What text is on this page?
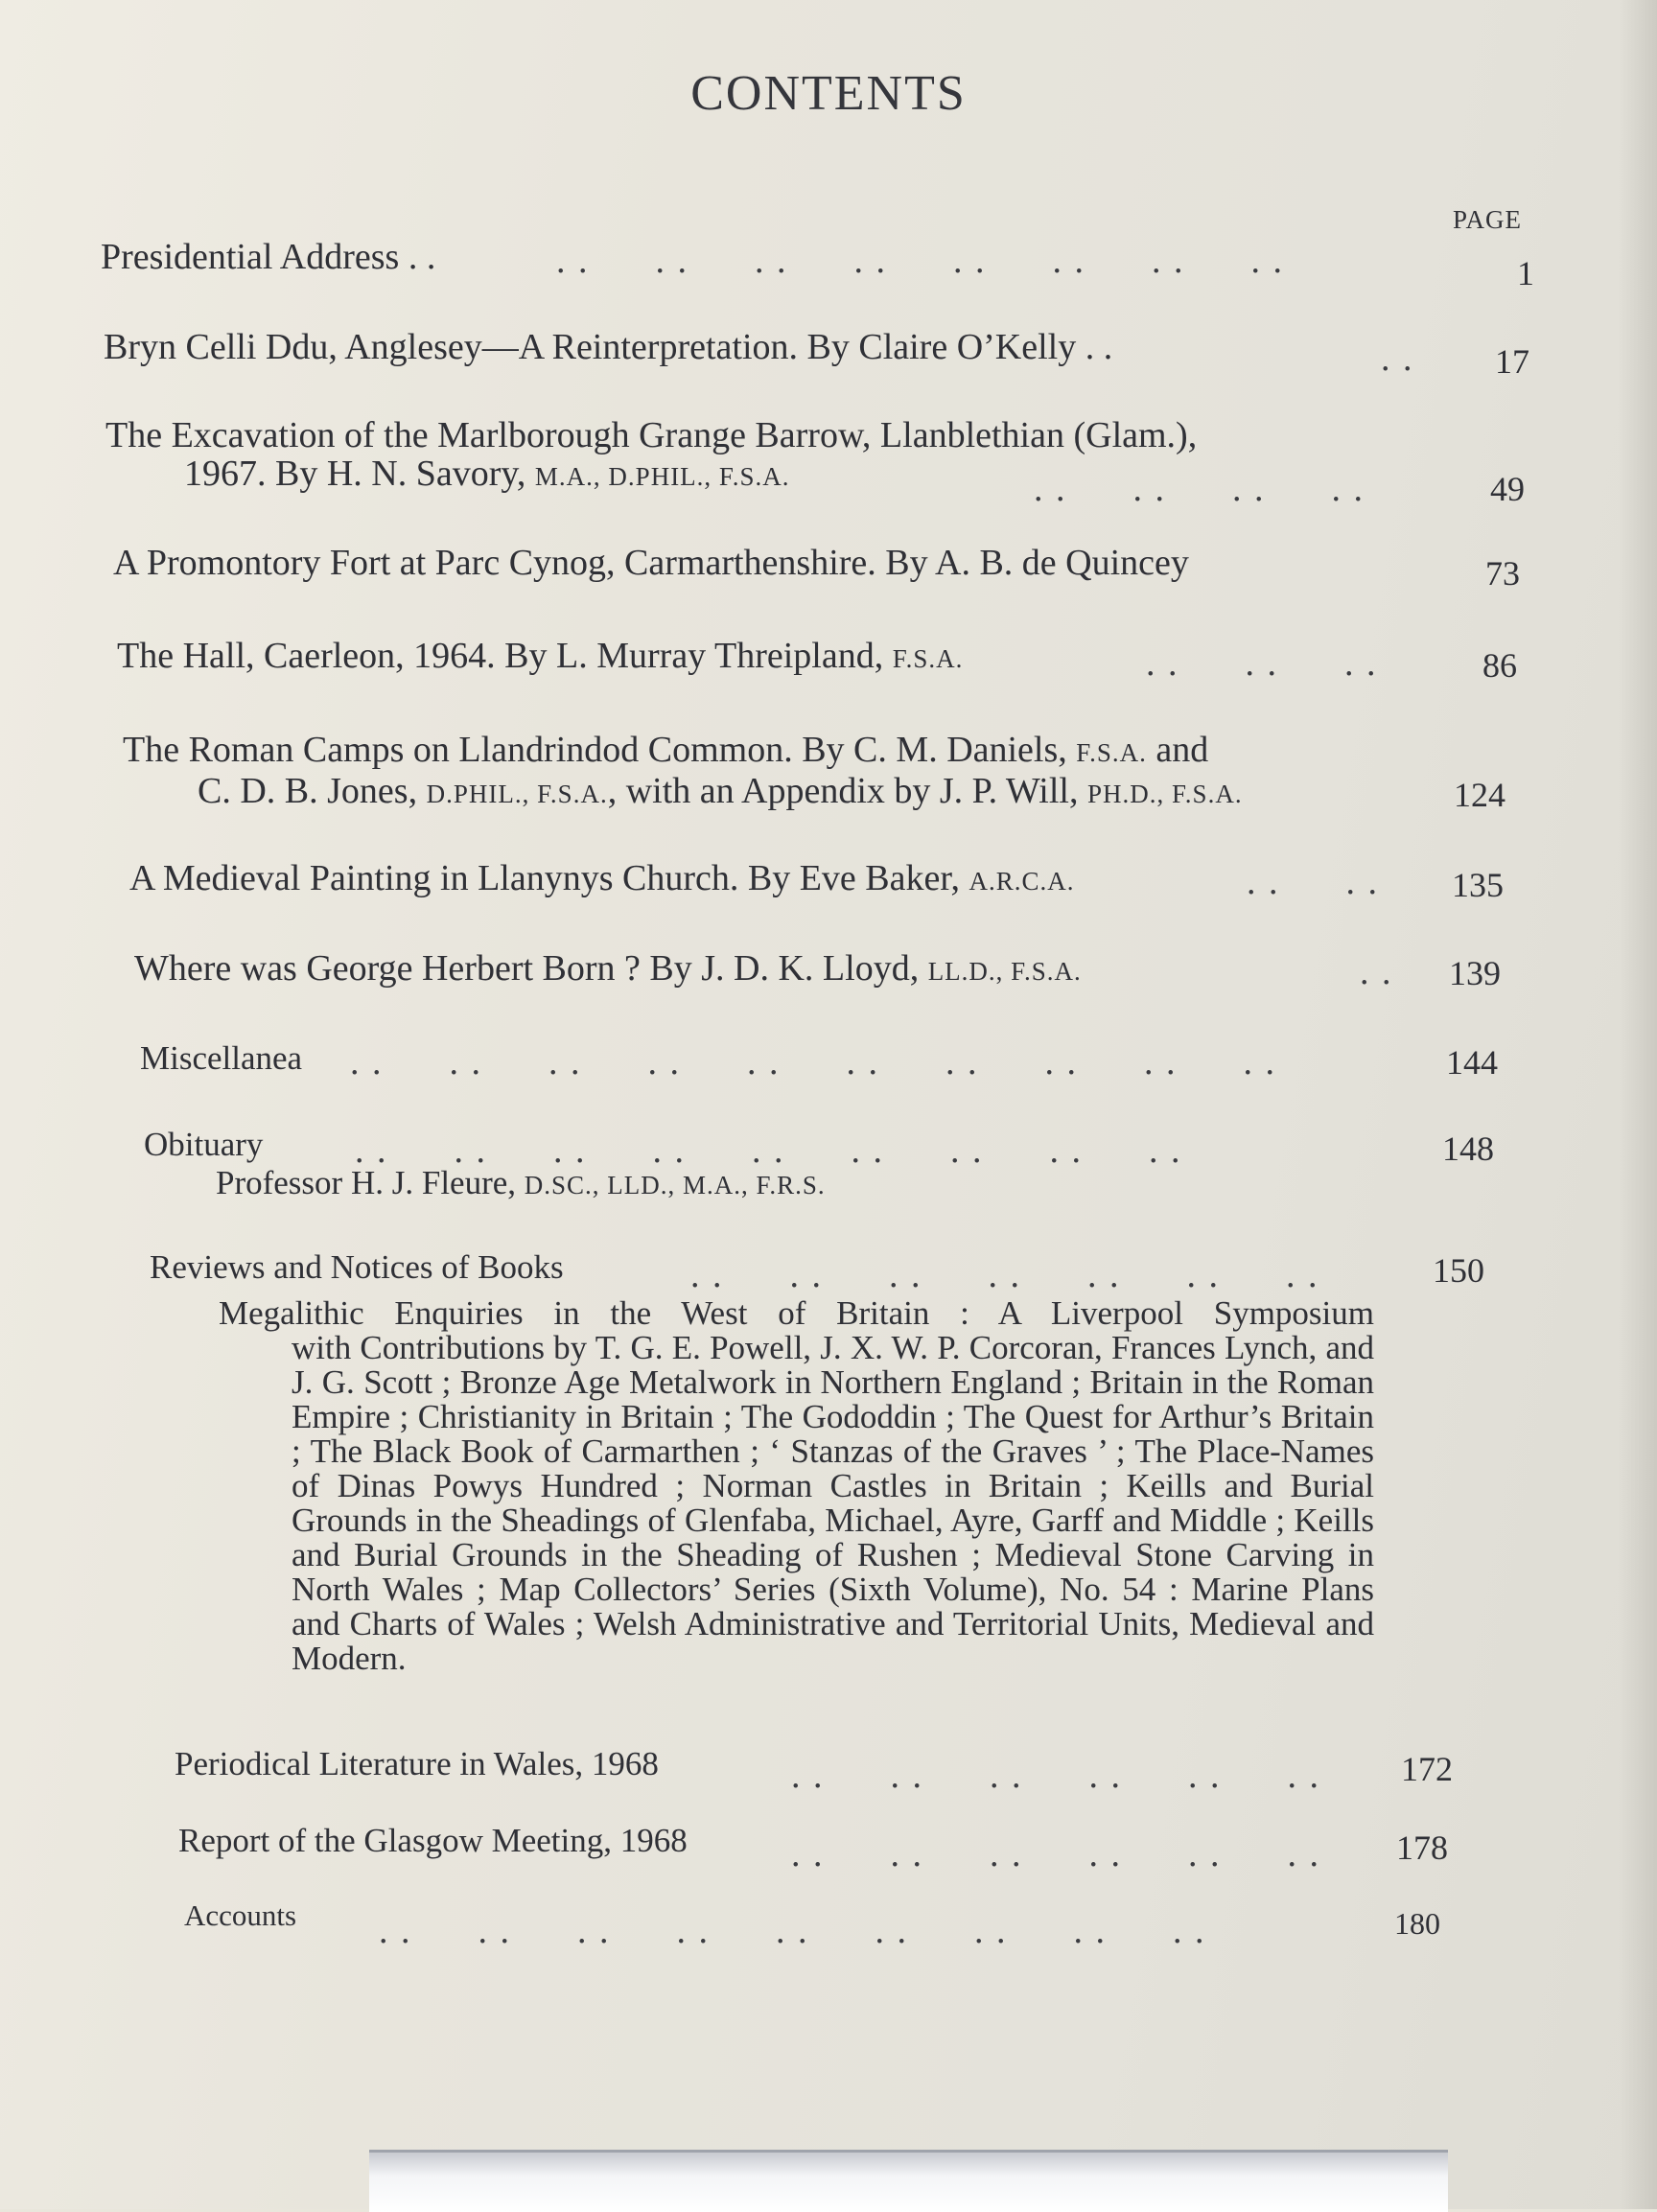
CONTENTS
PAGE
Presidential Address . .	. .      . .      . .      . .      . .      . .      . .      . .	1
Bryn Celli Ddu, Anglesey—A Reinterpretation. By Claire O’Kelly . .	. .	17
The Excavation of the Marlborough Grange Barrow, Llanblethian (Glam.),
1967. By H. N. Savory, M.A., D.PHIL., F.S.A.	. .      . .      . .      . .	49
A Promontory Fort at Parc Cynog, Carmarthenshire. By A. B. de Quincey	73
The Hall, Caerleon, 1964. By L. Murray Threipland, F.S.A.	. .      . .      . .	86
The Roman Camps on Llandrindod Common. By C. M. Daniels, F.S.A. and
C. D. B. Jones, D.PHIL., F.S.A., with an Appendix by J. P. Will, PH.D., F.S.A.	124
A Medieval Painting in Llanynys Church. By Eve Baker, A.R.C.A.	. .      . .	135
Where was George Herbert Born ? By J. D. K. Lloyd, LL.D., F.S.A.	. .	139
Miscellanea . .      . .      . .      . .      . .      . .      . .      . .      . .      . .	144
Obituary	. .      . .      . .      . .      . .      . .      . .      . .      . .	148
Professor H. J. Fleure, D.SC., LLD., M.A., F.R.S.
Reviews and Notices of Books	. .      . .      . .      . .      . .      . .      . .	150
Megalithic Enquiries in the West of Britain : A Liverpool Symposium
with Contributions by T. G. E. Powell, J. X. W. P. Corcoran, Frances Lynch, and J. G. Scott ; Bronze Age Metalwork in Northern England ; Britain in the Roman Empire ; Christianity in Britain ; The Gododdin ; The Quest for Arthur’s Britain ; The Black Book of Carmarthen ; ‘ Stanzas of the Graves ’ ; The Place-Names of Dinas Powys Hundred ; Norman Castles in Britain ; Keills and Burial Grounds in the Sheadings of Glenfaba, Michael, Ayre, Garff and Middle ; Keills and Burial Grounds in the Sheading of Rushen ; Medieval Stone Carving in North Wales ; Map Collectors’ Series (Sixth Volume), No. 54 : Marine Plans and Charts of Wales ; Welsh Administrative and Territorial Units, Medieval and Modern.
Periodical Literature in Wales, 1968	. .      . .      . .      . .      . .      . .	172
Report of the Glasgow Meeting, 1968	. .      . .      . .      . .      . .      . .	178
Accounts . .      . .      . .      . .      . .      . .      . .      . .      . .	180
